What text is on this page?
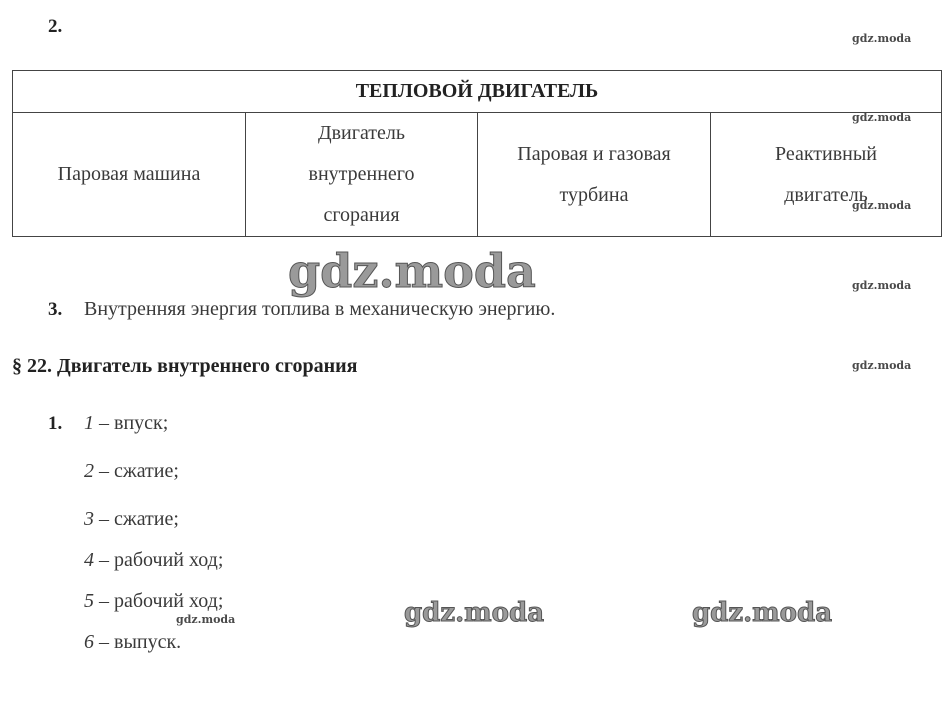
2.
ТЕПЛОВОЙ ДВИГАТЕЛЬ
Паровая машина
Двигатель
внутреннего
сгорания
Паровая и газовая
турбина
Реактивный
двигатель
3. Внутренняя энергия топлива в механическую энергию.
§ 22. Двигатель внутреннего сгорания
1. 1 – впуск;
2 – сжатие;
3 – сжатие;
4 – рабочий ход;
5 – рабочий ход;
6 – выпуск.
gdz.moda
gdz.moda
gdz.moda
gdz.moda
gdz.moda
gdz.moda
gdz.moda
gdz.moda	gdz.moda
